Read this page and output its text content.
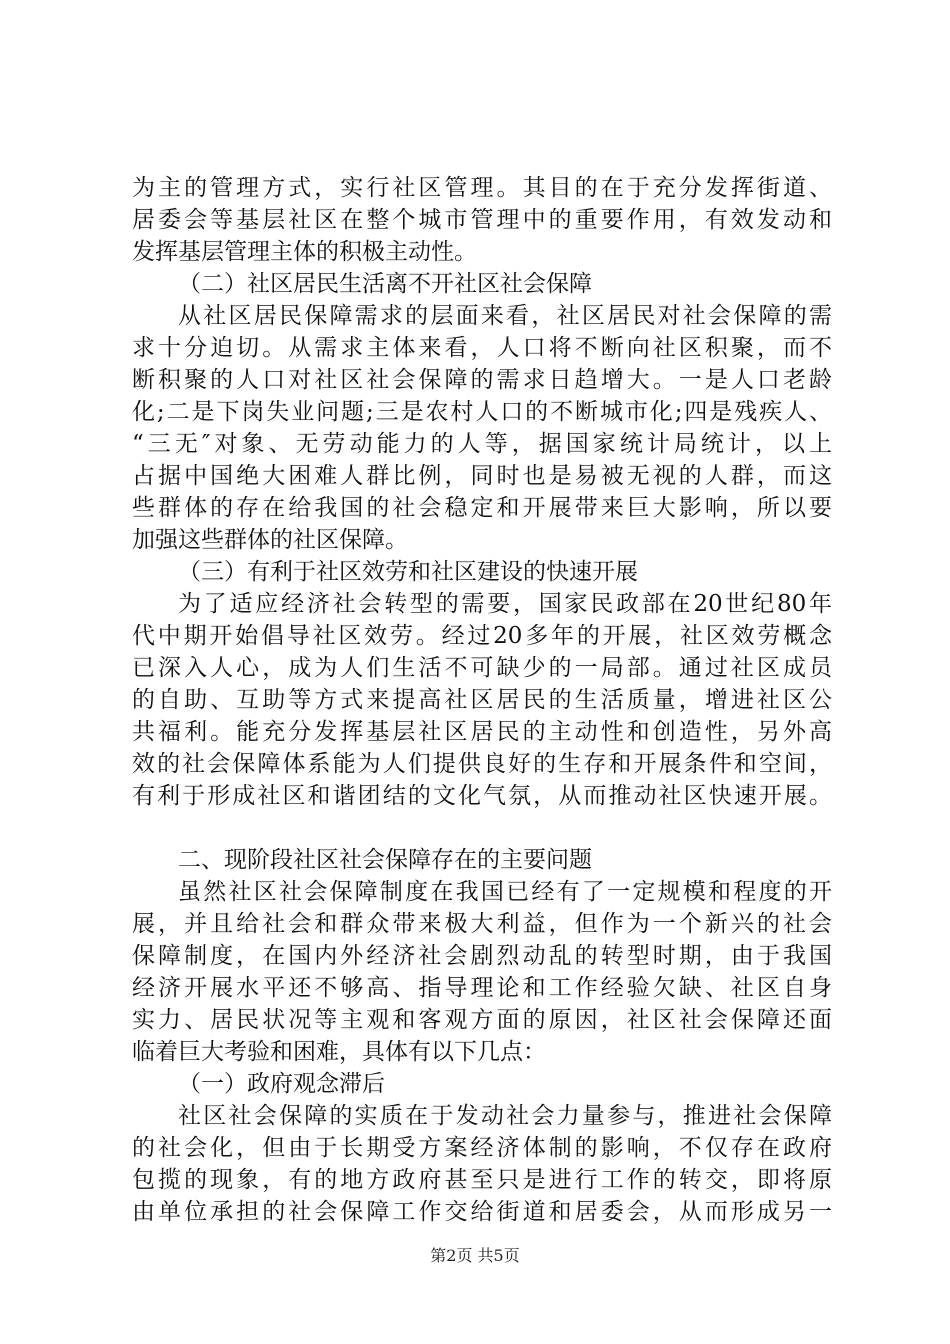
为主的管理方式，实行社区管理。其目的在于充分发挥街道、
居委会等基层社区在整个城市管理中的重要作用，有效发动和
发挥基层管理主体的积极主动性。
（二）社区居民生活离不开社区社会保障
从社区居民保障需求的层面来看，社区居民对社会保障的需
求十分迫切。从需求主体来看，人口将不断向社区积聚，而不
断积聚的人口对社区社会保障的需求日趋增大。一是人口老龄
化;二是下岗失业问题;三是农村人口的不断城市化;四是残疾人、
“三无″对象、无劳动能力的人等，据国家统计局统计，以上
占据中国绝大困难人群比例，同时也是易被无视的人群，而这
些群体的存在给我国的社会稳定和开展带来巨大影响，所以要
加强这些群体的社区保障。
（三）有利于社区效劳和社区建设的快速开展
为了适应经济社会转型的需要，国家民政部在20世纪80年
代中期开始倡导社区效劳。经过20多年的开展，社区效劳概念
已深入人心，成为人们生活不可缺少的一局部。通过社区成员
的自助、互助等方式来提高社区居民的生活质量，增进社区公
共福利。能充分发挥基层社区居民的主动性和创造性，另外高
效的社会保障体系能为人们提供良好的生存和开展条件和空间，
有利于形成社区和谐团结的文化气氛，从而推动社区快速开展。
二、现阶段社区社会保障存在的主要问题
虽然社区社会保障制度在我国已经有了一定规模和程度的开
展，并且给社会和群众带来极大利益，但作为一个新兴的社会
保障制度，在国内外经济社会剧烈动乱的转型时期，由于我国
经济开展水平还不够高、指导理论和工作经验欠缺、社区自身
实力、居民状况等主观和客观方面的原因，社区社会保障还面
临着巨大考验和困难，具体有以下几点：
（一）政府观念滞后
社区社会保障的实质在于发动社会力量参与，推进社会保障
的社会化，但由于长期受方案经济体制的影响，不仅存在政府
包揽的现象，有的地方政府甚至只是进行工作的转交，即将原
由单位承担的社会保障工作交给街道和居委会，从而形成另一
第2页 共5页
